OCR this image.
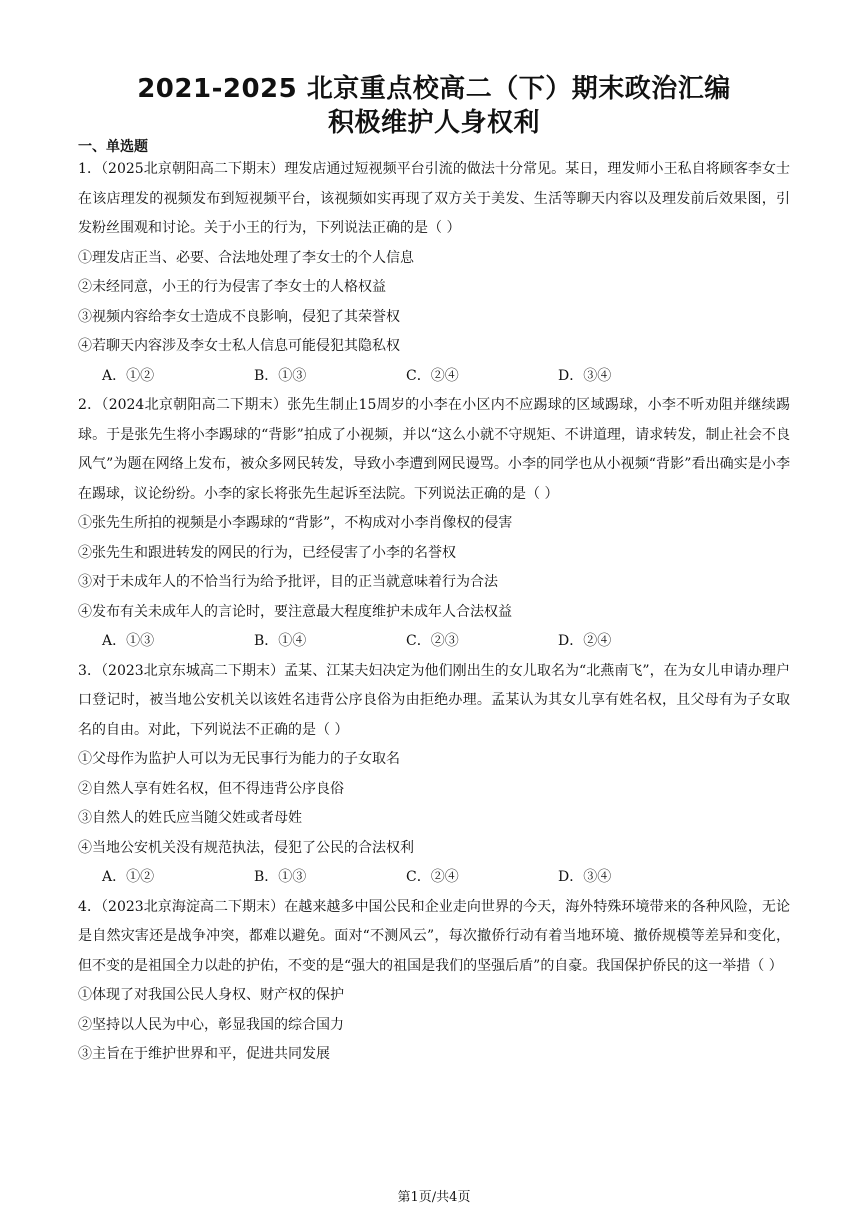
2021-2025 北京重点校高二（下）期末政治汇编
积极维护人身权利
一、单选题

1．（2025北京朝阳高二下期末）理发店通过短视频平台引流的做法十分常见。某日，理发师小王私自将顾客李女士在该店理发的视频发布到短视频平台，该视频如实再现了双方关于美发、生活等聊天内容以及理发前后效果图，引发粉丝围观和讨论。关于小王的行为，下列说法正确的是（ ）

①理发店正当、必要、合法地处理了李女士的个人信息

②未经同意，小王的行为侵害了李女士的人格权益

③视频内容给李女士造成不良影响，侵犯了其荣誉权

④若聊天内容涉及李女士私人信息可能侵犯其隐私权

A．①②	B．①③	C．②④	D．③④

2．（2024北京朝阳高二下期末）张先生制止15周岁的小李在小区内不应踢球的区域踢球，小李不听劝阻并继续踢球。于是张先生将小李踢球的“背影”拍成了小视频，并以“这么小就不守规矩、不讲道理，请求转发，制止社会不良风气”为题在网络上发布，被众多网民转发，导致小李遭到网民谩骂。小李的同学也从小视频“背影”看出确实是小李在踢球，议论纷纷。小李的家长将张先生起诉至法院。下列说法正确的是（ ）

①张先生所拍的视频是小李踢球的“背影”，不构成对小李肖像权的侵害

②张先生和跟进转发的网民的行为，已经侵害了小李的名誉权

③对于未成年人的不恰当行为给予批评，目的正当就意味着行为合法

④发布有关未成年人的言论时，要注意最大程度维护未成年人合法权益

A．①③	B．①④	C．②③	D．②④

3．（2023北京东城高二下期末）孟某、江某夫妇决定为他们刚出生的女儿取名为“北燕南飞”，在为女儿申请办理户口登记时，被当地公安机关以该姓名违背公序良俗为由拒绝办理。孟某认为其女儿享有姓名权，且父母有为子女取名的自由。对此，下列说法不正确的是（ ）

①父母作为监护人可以为无民事行为能力的子女取名

②自然人享有姓名权，但不得违背公序良俗

③自然人的姓氏应当随父姓或者母姓

④当地公安机关没有规范执法，侵犯了公民的合法权利

A．①②	B．①③	C．②④	D．③④

4．（2023北京海淀高二下期末）在越来越多中国公民和企业走向世界的今天，海外特殊环境带来的各种风险，无论是自然灾害还是战争冲突，都难以避免。面对“不测风云”，每次撤侨行动有着当地环境、撤侨规模等差异和变化，但不变的是祖国全力以赴的护佑，不变的是“强大的祖国是我们的坚强后盾”的自豪。我国保护侨民的这一举措（ ）

①体现了对我国公民人身权、财产权的保护

②坚持以人民为中心，彰显我国的综合国力

③主旨在于维护世界和平，促进共同发展

第1页/共4页
